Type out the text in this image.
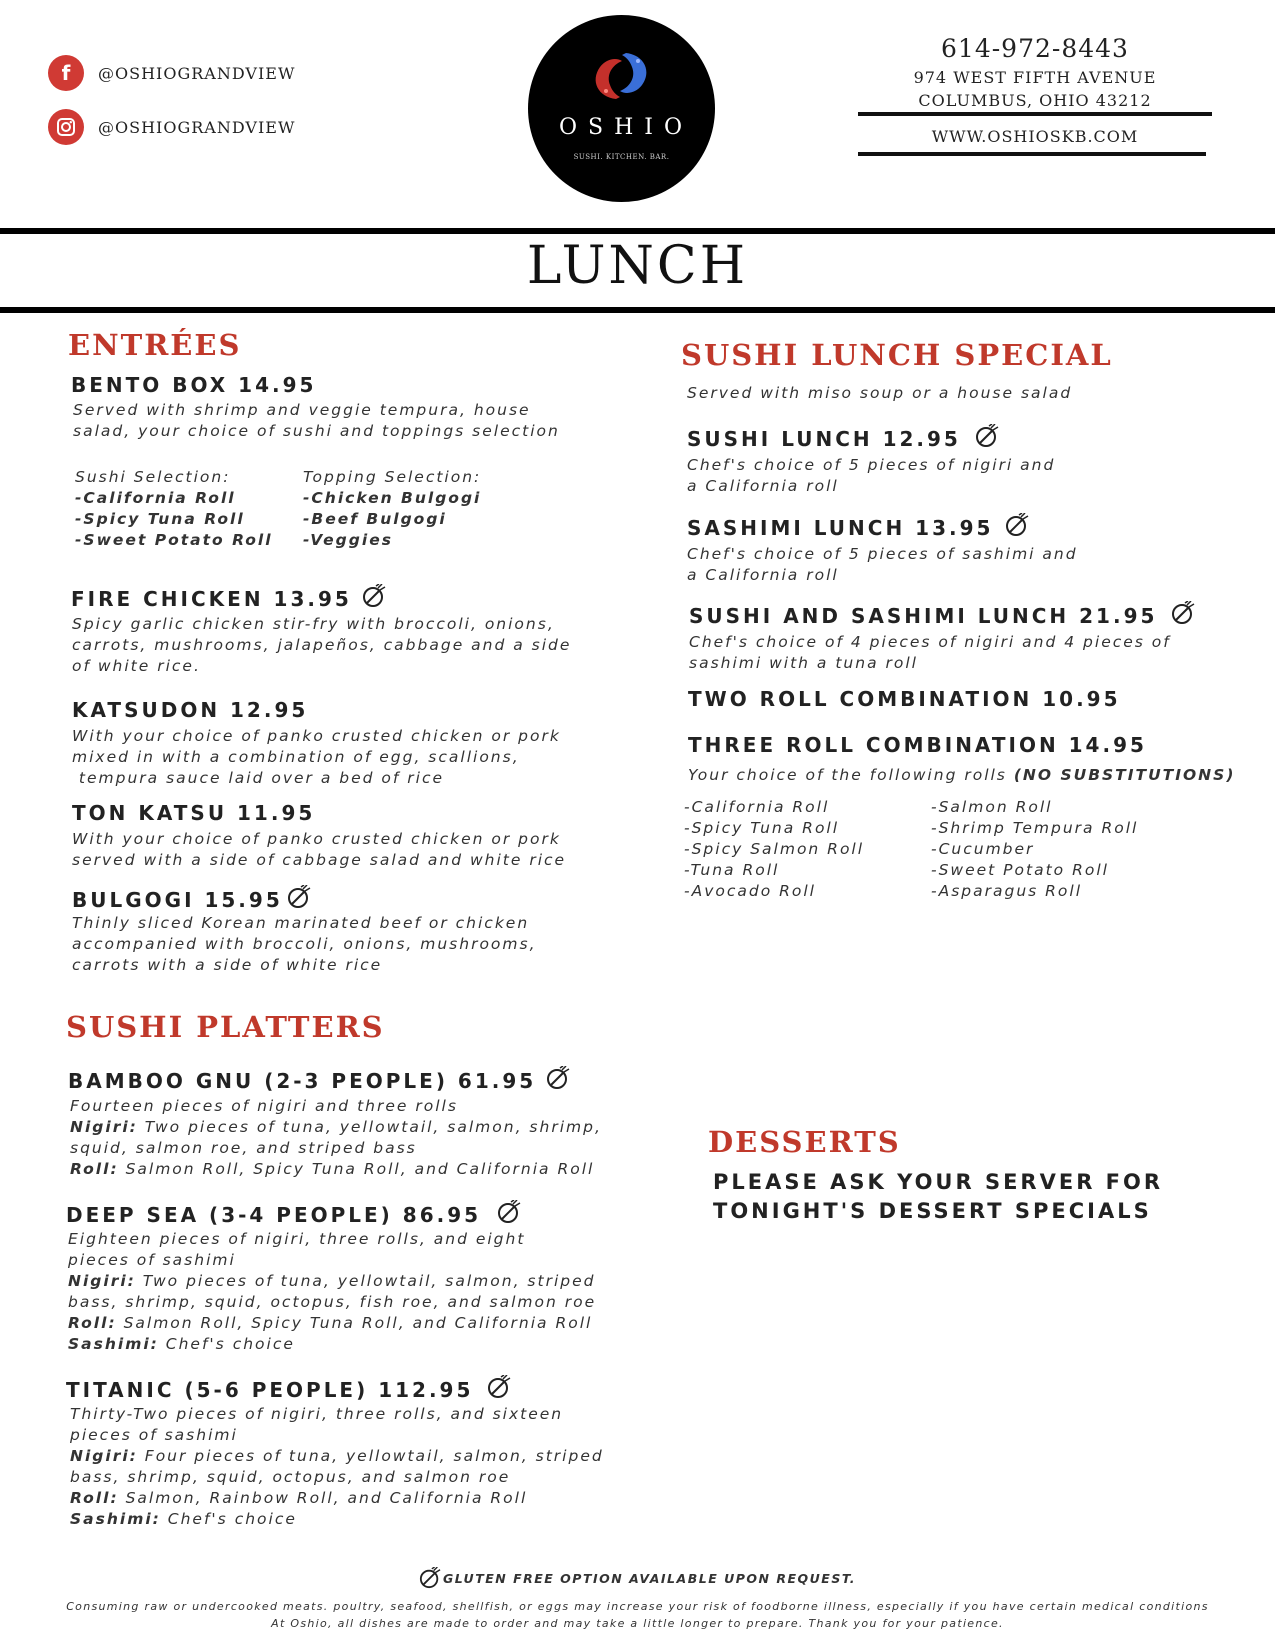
f @OSHIOGRANDVIEW
@OSHIOGRANDVIEW	OSHIO
SUSHI. KITCHEN. BAR.
614-972-8443
974 WEST FIFTH AVENUE
COLUMBUS, OHIO 43212
WWW.OSHIOSKB.COM
LUNCH
ENTRÉES
BENTO BOX 14.95
Served with shrimp and veggie tempura, house
salad, your choice of sushi and toppings selection
Sushi Selection:
-California Roll
-Spicy Tuna Roll
-Sweet Potato Roll
Topping Selection:
-Chicken Bulgogi
-Beef Bulgogi
-Veggies
FIRE CHICKEN 13.95
Spicy garlic chicken stir-fry with broccoli, onions,
carrots, mushrooms, jalapeños, cabbage and a side
of white rice.
KATSUDON 12.95
With your choice of panko crusted chicken or pork
mixed in with a combination of egg, scallions,
tempura sauce laid over a bed of rice
TON KATSU 11.95
With your choice of panko crusted chicken or pork
served with a side of cabbage salad and white rice
BULGOGI 15.95
Thinly sliced Korean marinated beef or chicken
accompanied with broccoli, onions, mushrooms,
carrots with a side of white rice
SUSHI PLATTERS
BAMBOO GNU (2-3 PEOPLE) 61.95
Fourteen pieces of nigiri and three rolls
Nigiri: Two pieces of tuna, yellowtail, salmon, shrimp,
squid, salmon roe, and striped bass
Roll: Salmon Roll, Spicy Tuna Roll, and California Roll
DEEP SEA (3-4 PEOPLE) 86.95
Eighteen pieces of nigiri, three rolls, and eight
pieces of sashimi
Nigiri: Two pieces of tuna, yellowtail, salmon, striped
bass, shrimp, squid, octopus, fish roe, and salmon roe
Roll: Salmon Roll, Spicy Tuna Roll, and California Roll
Sashimi: Chef's choice
TITANIC (5-6 PEOPLE) 112.95
Thirty-Two pieces of nigiri, three rolls, and sixteen
pieces of sashimi
Nigiri: Four pieces of tuna, yellowtail, salmon, striped
bass, shrimp, squid, octopus, and salmon roe
Roll: Salmon, Rainbow Roll, and California Roll
Sashimi: Chef's choice
SUSHI LUNCH SPECIAL
Served with miso soup or a house salad
SUSHI LUNCH 12.95
Chef's choice of 5 pieces of nigiri and
a California roll
SASHIMI LUNCH 13.95
Chef's choice of 5 pieces of sashimi and
a California roll
SUSHI AND SASHIMI LUNCH 21.95
Chef's choice of 4 pieces of nigiri and 4 pieces of
sashimi with a tuna roll
TWO ROLL COMBINATION 10.95
THREE ROLL COMBINATION 14.95
Your choice of the following rolls (NO SUBSTITUTIONS)
-California Roll
-Spicy Tuna Roll
-Spicy Salmon Roll
-Tuna Roll
-Avocado Roll
-Salmon Roll
-Shrimp Tempura Roll
-Cucumber
-Sweet Potato Roll
-Asparagus Roll
DESSERTS
PLEASE ASK YOUR SERVER FOR
TONIGHT'S DESSERT SPECIALS
GLUTEN FREE OPTION AVAILABLE UPON REQUEST.
Consuming raw or undercooked meats. poultry, seafood, shellfish, or eggs may increase your risk of foodborne illness, especially if you have certain medical conditions
At Oshio, all dishes are made to order and may take a little longer to prepare. Thank you for your patience.
